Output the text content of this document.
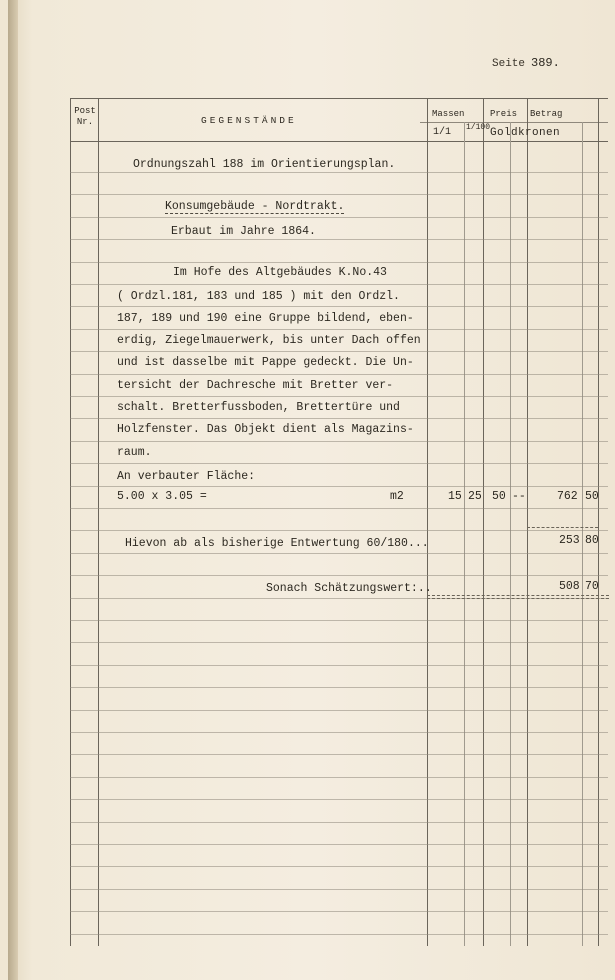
Seite 389.
Post Nr.	GEGENSTÄNDE
Massen
1/1 1/100
Preis Betrag
Goldkronen
Ordnungszahl 188 im Orientierungsplan.
Konsumgebäude - Nordtrakt.
Erbaut im Jahre 1864.
Im Hofe des Altgebäudes K.No.43
( Ordzl.181, 183 und 185 ) mit den Ordzl.
187, 189 und 190 eine Gruppe bildend, eben-
erdig, Ziegelmauerwerk, bis unter Dach offen
und ist dasselbe mit Pappe gedeckt. Die Un-
tersicht der Dachresche mit Bretter ver-
schalt. Bretterfussboden, Brettertüre und
Holzfenster. Das Objekt dient als Magazins-
raum.
An verbauter Fläche:
5.00 x 3.05 =	m2	15 25 50 --	762 50
Hievon ab als bisherige Entwertung 60/180...	253 80
Sonach Schätzungswert:..	508 70
